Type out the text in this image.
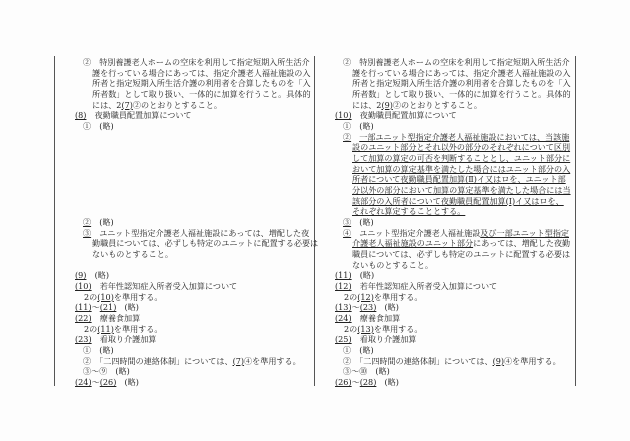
②　特別養護老人ホームの空床を利用して指定短期入所生活介
護を行っている場合にあっては、指定介護老人福祉施設の入
所者と指定短期入所生活介護の利用者を合算したものを「入
所者数」として取り扱い、一体的に加算を行うこと。具体的
には、2(7)②のとおりとすること。
(8)　夜勤職員配置加算について
①　(略)
②　(略)
③　ユニット型指定介護老人福祉施設にあっては、増配した夜
勤職員については、必ずしも特定のユニットに配置する必要は
ないものとすること。
(9)　(略)
(10)　若年性認知症入所者受入加算について
2の(10)を準用する。
(11)～(21)　(略)
(22)　療養食加算
2の(11)を準用する。
(23)　看取り介護加算
①　(略)
②　「二四時間の連絡体制」については、(7)④を準用する。
③～⑨　(略)
(24)～(26)　(略)
②　特別養護老人ホームの空床を利用して指定短期入所生活介
護を行っている場合にあっては、指定介護老人福祉施設の入
所者と指定短期入所生活介護の利用者を合算したものを「入
所者数」として取り扱い、一体的に加算を行うこと。具体的
には、2(9)②のとおりとすること。
(10)　夜勤職員配置加算について
①　(略)
②　 一部ユニット型指定介護老人福祉施設においては、当該施
設のユニット部分とそれ以外の部分のそれぞれについて区別
して加算の算定の可否を判断することとし、ユニット部分に
おいて加算の算定基準を満たした場合にはユニット部分の入
所者について夜勤職員配置加算(Ⅱ)イ又はロを、ユニット部
分以外の部分において加算の算定基準を満たした場合には当
該部分の入所者について夜勤職員配置加算(Ⅰ)イ又はロを、
それぞれ算定することとする。
③　(略)
④　ユニット型指定介護老人福祉施設及び一部ユニット型指定
介護老人福祉施設のユニット部分にあっては、増配した夜勤
職員については、必ずしも特定のユニットに配置する必要は
ないものとすること。
(11)　(略)
(12)　若年性認知症入所者受入加算について
2の(12)を準用する。
(13)～(23)　(略)
(24)　療養食加算
2の(13)を準用する。
(25)　看取り介護加算
①　(略)
②　「二四時間の連絡体制」については、(9)④を準用する。
③～⑩　(略)
(26)～(28)　(略)
